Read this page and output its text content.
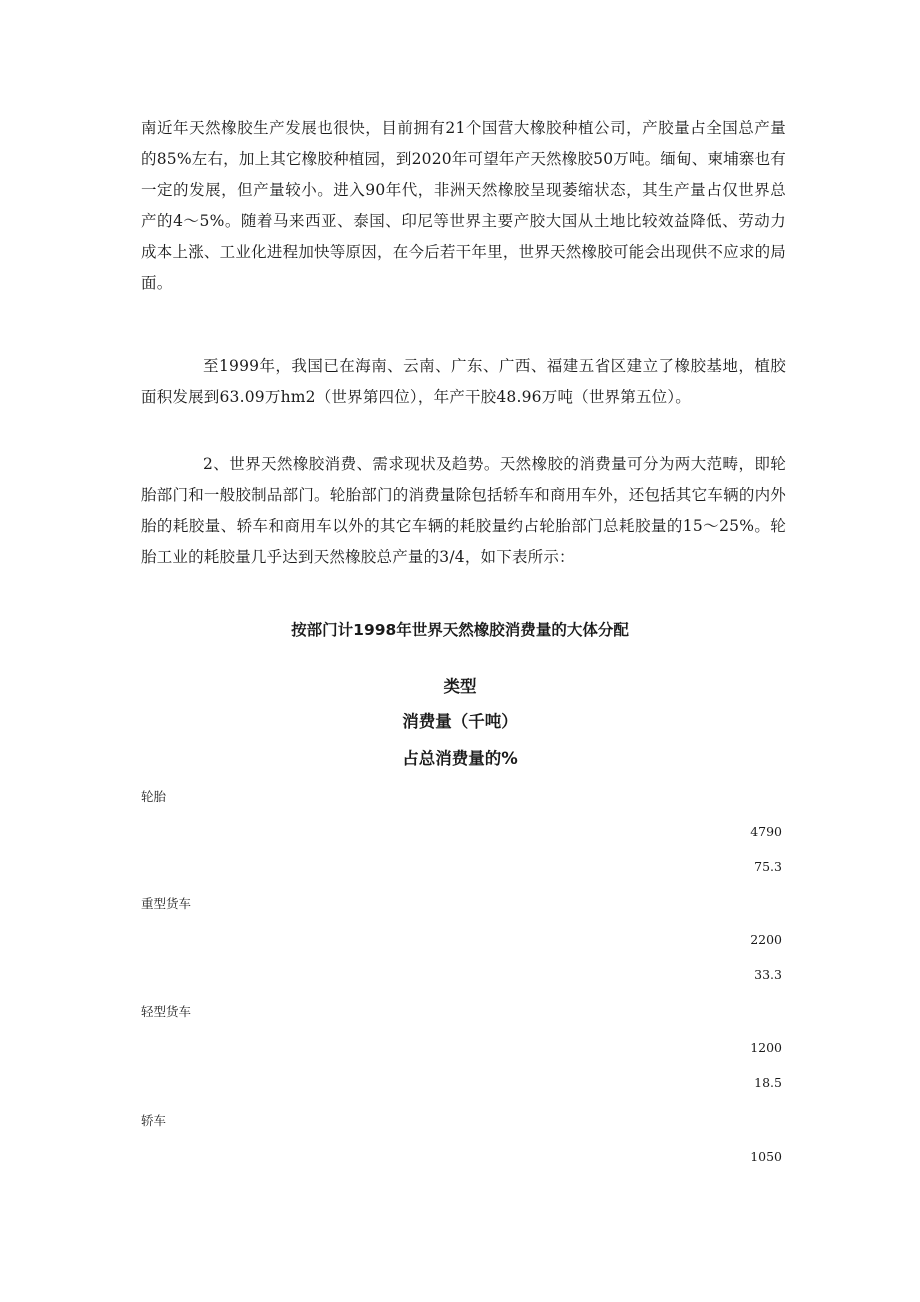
南近年天然橡胶生产发展也很快，目前拥有21个国营大橡胶种植公司，产胶量占全国总产量的85%左右，加上其它橡胶种植园，到2020年可望年产天然橡胶50万吨。缅甸、柬埔寨也有一定的发展，但产量较小。进入90年代，非洲天然橡胶呈现萎缩状态，其生产量占仅世界总产的4～5%。随着马来西亚、泰国、印尼等世界主要产胶大国从土地比较效益降低、劳动力成本上涨、工业化进程加快等原因，在今后若干年里，世界天然橡胶可能会出现供不应求的局面。

至1999年，我国已在海南、云南、广东、广西、福建五省区建立了橡胶基地，植胶面积发展到63.09万hm2（世界第四位），年产干胶48.96万吨（世界第五位）。

2、世界天然橡胶消费、需求现状及趋势。天然橡胶的消费量可分为两大范畴，即轮胎部门和一般胶制品部门。轮胎部门的消费量除包括轿车和商用车外，还包括其它车辆的内外胎的耗胶量、轿车和商用车以外的其它车辆的耗胶量约占轮胎部门总耗胶量的15～25%。轮胎工业的耗胶量几乎达到天然橡胶总产量的3/4，如下表所示：

按部门计1998年世界天然橡胶消费量的大体分配
类型
消费量（千吨）
占总消费量的%
轮胎
4790
75.3
重型货车
2200
33.3
轻型货车
1200
18.5
轿车
1050
